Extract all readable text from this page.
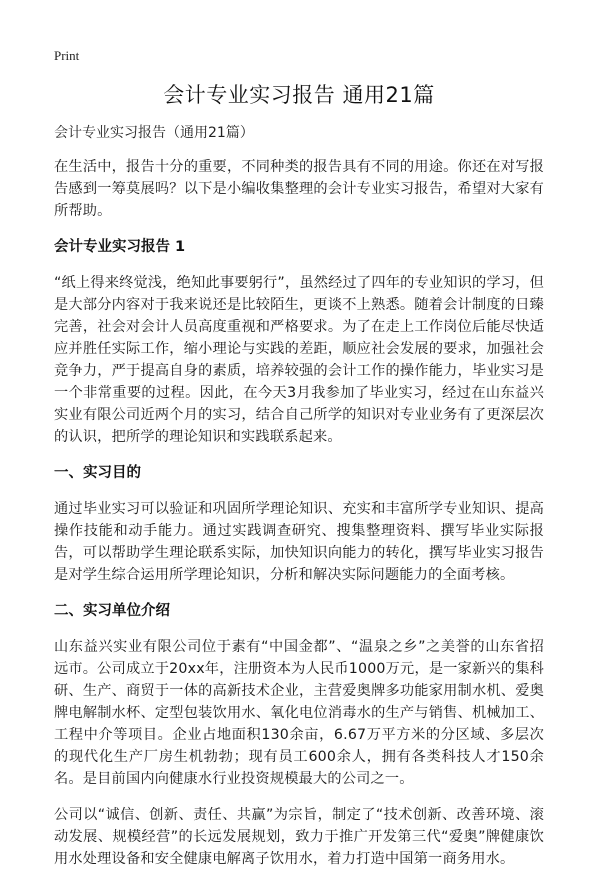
Print
会计专业实习报告 通用21篇
会计专业实习报告（通用21篇）

在生活中，报告十分的重要，不同种类的报告具有不同的用途。你还在对写报告感到一筹莫展吗？以下是小编收集整理的会计专业实习报告，希望对大家有所帮助。

会计专业实习报告 1

“纸上得来终觉浅，绝知此事要躬行”，虽然经过了四年的专业知识的学习，但是大部分内容对于我来说还是比较陌生，更谈不上熟悉。随着会计制度的日臻完善，社会对会计人员高度重视和严格要求。为了在走上工作岗位后能尽快适应并胜任实际工作，缩小理论与实践的差距，顺应社会发展的要求，加强社会竞争力，严于提高自身的素质，培养较强的会计工作的操作能力，毕业实习是一个非常重要的过程。因此，在今天3月我参加了毕业实习，经过在山东益兴实业有限公司近两个月的实习，结合自己所学的知识对专业业务有了更深层次的认识，把所学的理论知识和实践联系起来。

一、实习目的

通过毕业实习可以验证和巩固所学理论知识、充实和丰富所学专业知识、提高操作技能和动手能力。通过实践调查研究、搜集整理资料、撰写毕业实际报告，可以帮助学生理论联系实际，加快知识向能力的转化，撰写毕业实习报告是对学生综合运用所学理论知识，分析和解决实际问题能力的全面考核。

二、实习单位介绍

山东益兴实业有限公司位于素有“中国金都”、“温泉之乡”之美誉的山东省招远市。公司成立于20xx年，注册资本为人民币1000万元，是一家新兴的集科研、生产、商贸于一体的高新技术企业，主营爱奥牌多功能家用制水机、爱奥牌电解制水杯、定型包装饮用水、氧化电位消毒水的生产与销售、机械加工、工程中介等项目。企业占地面积130余亩，6.67万平方米的分区域、多层次的现代化生产厂房生机勃勃；现有员工600余人，拥有各类科技人才150余名。是目前国内向健康水行业投资规模最大的公司之一。

公司以“诚信、创新、责任、共赢”为宗旨，制定了“技术创新、改善环境、滚动发展、规模经营”的长远发展规划，致力于推广开发第三代“爱奥”牌健康饮用水处理设备和安全健康电解离子饮用水，着力打造中国第一商务用水。
